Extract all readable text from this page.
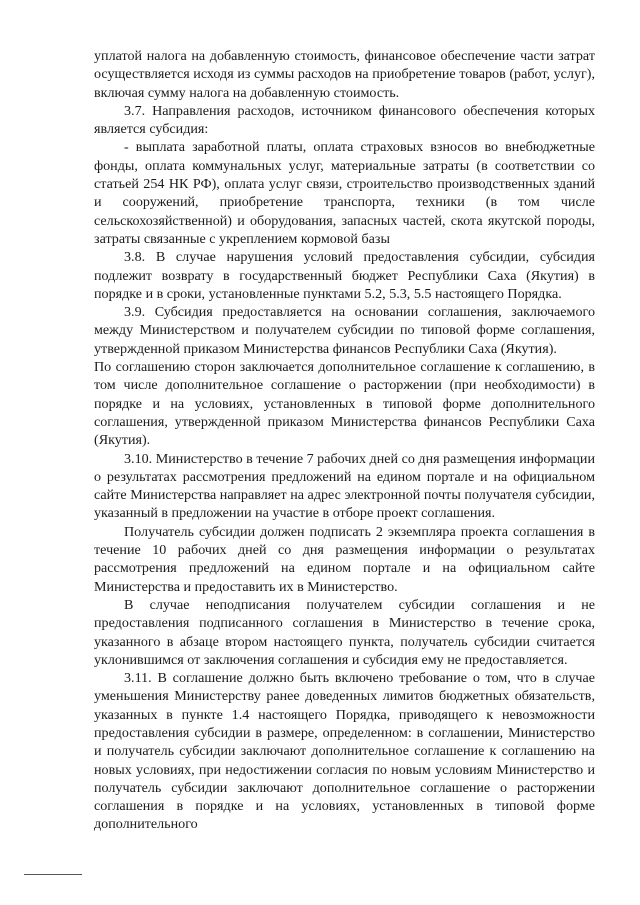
уплатой налога на добавленную стоимость, финансовое обеспечение части затрат осуществляется исходя из суммы расходов на приобретение товаров (работ, услуг), включая сумму налога на добавленную стоимость.

3.7. Направления расходов, источником финансового обеспечения которых является субсидия:

- выплата заработной платы, оплата страховых взносов во внебюджетные фонды, оплата коммунальных услуг, материальные затраты (в соответствии со статьей 254 НК РФ), оплата услуг связи, строительство производственных зданий и сооружений, приобретение транспорта, техники (в том числе сельскохозяйственной) и оборудования, запасных частей, скота якутской породы, затраты связанные с укреплением кормовой базы

3.8. В случае нарушения условий предоставления субсидии, субсидия подлежит возврату в государственный бюджет Республики Саха (Якутия) в порядке и в сроки, установленные пунктами 5.2, 5.3, 5.5 настоящего Порядка.

3.9. Субсидия предоставляется на основании соглашения, заключаемого между Министерством и получателем субсидии по типовой форме соглашения, утвержденной приказом Министерства финансов Республики Саха (Якутия).

По соглашению сторон заключается дополнительное соглашение к соглашению, в том числе дополнительное соглашение о расторжении (при необходимости) в порядке и на условиях, установленных в типовой форме дополнительного соглашения, утвержденной приказом Министерства финансов Республики Саха (Якутия).

3.10. Министерство в течение 7 рабочих дней со дня размещения информации о результатах рассмотрения предложений на едином портале и на официальном сайте Министерства направляет на адрес электронной почты получателя субсидии, указанный в предложении на участие в отборе проект соглашения.

Получатель субсидии должен подписать 2 экземпляра проекта соглашения в течение 10 рабочих дней со дня размещения информации о результатах рассмотрения предложений на едином портале и на официальном сайте Министерства и предоставить их в Министерство.

В случае неподписания получателем субсидии соглашения и не предоставления подписанного соглашения в Министерство в течение срока, указанного в абзаце втором настоящего пункта, получатель субсидии считается уклонившимся от заключения соглашения и субсидия ему не предоставляется.

3.11. В соглашение должно быть включено требование о том, что в случае уменьшения Министерству ранее доведенных лимитов бюджетных обязательств, указанных в пункте 1.4 настоящего Порядка, приводящего к невозможности предоставления субсидии в размере, определенном: в соглашении, Министерство и получатель субсидии заключают дополнительное соглашение к соглашению на новых условиях, при недостижении согласия по новым условиям Министерство и получатель субсидии заключают дополнительное соглашение о расторжении соглашения в порядке и на условиях, установленных в типовой форме дополнительного
